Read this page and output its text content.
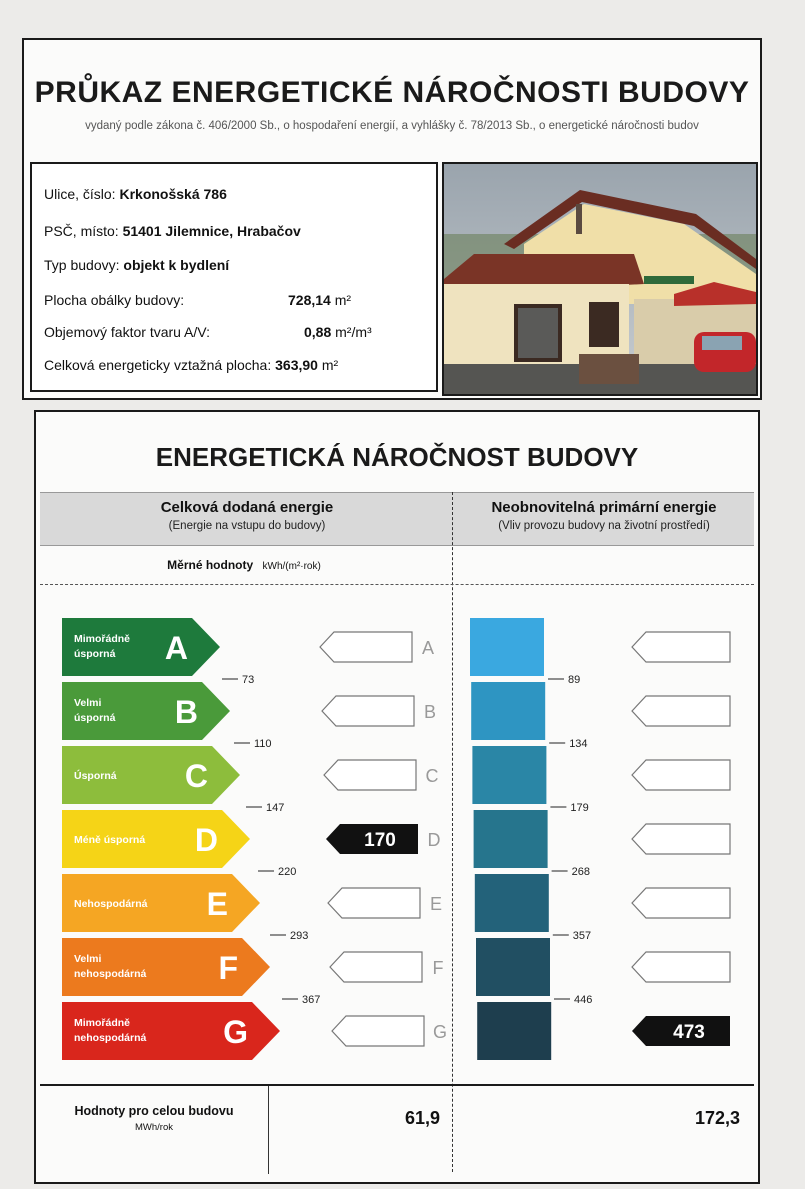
PRŮKAZ ENERGETICKÉ NÁROČNOSTI BUDOVY
vydaný podle zákona č. 406/2000 Sb., o hospodaření energií, a vyhlášky č. 78/2013 Sb., o energetické náročnosti budov
Ulice, číslo: Krkonošská 786
PSČ, místo: 51401 Jilemnice, Hrabačov
Typ budovy: objekt k bydlení
Plocha obálky budovy:	728,14 m²
Objemový faktor tvaru A/V:	0,88 m²/m³
Celková energeticky vztažná plocha: 363,90 m²
ENERGETICKÁ NÁROČNOST BUDOVY
Celková dodaná energie
(Energie na vstupu do budovy)
Neobnovitelná primární energie
(Vliv provozu budovy na životní prostředí)
Měrné hodnoty kWh/(m²·rok)
Mimořádně
úsporná A	A
Velmi
úsporná B	B
Úsporná C	C
Méně úsporná D	170 D
Nehospodárná E	E
Velmi
nehospodárná F	F
Mimořádně
nehospodárná G	G	473
73
110
147
220
293
367
89
134
179
268
357
446
Hodnoty pro celou budovu
MWh/rok	61,9	172,3
